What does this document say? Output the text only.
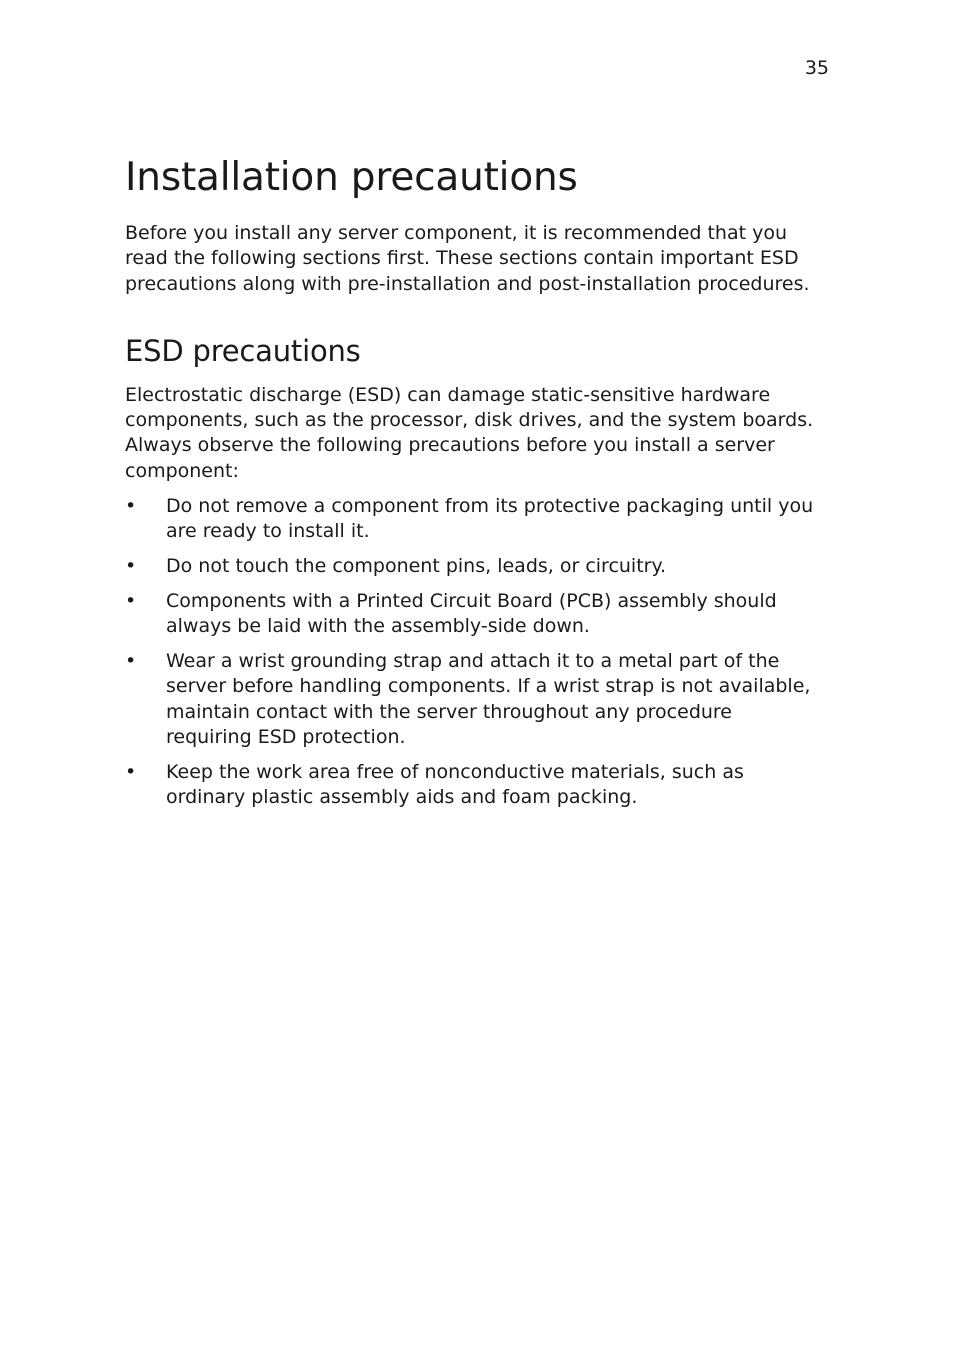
35
Installation precautions

Before you install any server component, it is recommended that you read the following sections first. These sections contain important ESD precautions along with pre-installation and post-installation procedures.

ESD precautions

Electrostatic discharge (ESD) can damage static-sensitive hardware components, such as the processor, disk drives, and the system boards. Always observe the following precautions before you install a server component:

•	Do not remove a component from its protective packaging until you are ready to install it.
•	Do not touch the component pins, leads, or circuitry.
•	Components with a Printed Circuit Board (PCB) assembly should always be laid with the assembly-side down.
•	Wear a wrist grounding strap and attach it to a metal part of the server before handling components. If a wrist strap is not available, maintain contact with the server throughout any procedure requiring ESD protection.
•	Keep the work area free of nonconductive materials, such as ordinary plastic assembly aids and foam packing.
